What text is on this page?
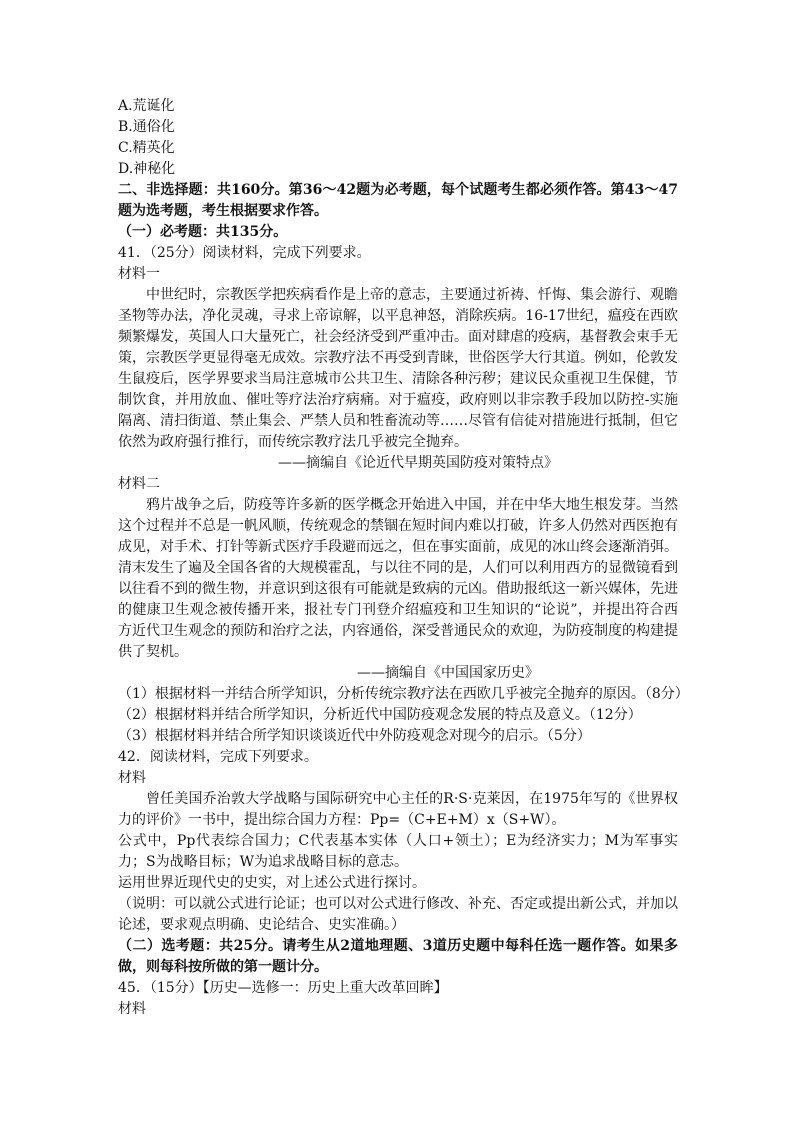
A.荒诞化
B.通俗化
C.精英化
D.神秘化
二、非选择题：共160分。第36～42题为必考题，每个试题考生都必须作答。第43～47题为选考题，考生根据要求作答。
（一）必考题：共135分。
41．（25分）阅读材料，完成下列要求。
材料一
中世纪时，宗教医学把疾病看作是上帝的意志，主要通过祈祷、忏悔、集会游行、观瞻圣物等办法，净化灵魂，寻求上帝谅解，以平息神怒，消除疾病。16-17世纪，瘟疫在西欧频繁爆发，英国人口大量死亡，社会经济受到严重冲击。面对肆虐的疫病，基督教会束手无策，宗教医学更显得毫无成效。宗教疗法不再受到青睐，世俗医学大行其道。例如，伦敦发生鼠疫后，医学界要求当局注意城市公共卫生、清除各种污秽；建议民众重视卫生保健，节制饮食，并用放血、催吐等疗法治疗病痛。对于瘟疫，政府则以非宗教手段加以防控-实施隔离、清扫街道、禁止集会、严禁人员和牲畜流动等……尽管有信徒对措施进行抵制，但它依然为政府强行推行，而传统宗教疗法几乎被完全抛弃。
——摘编自《论近代早期英国防疫对策特点》
材料二
鸦片战争之后，防疫等许多新的医学概念开始进入中国，并在中华大地生根发芽。当然这个过程并不总是一帆风顺，传统观念的禁锢在短时间内难以打破，许多人仍然对西医抱有成见，对手术、打针等新式医疗手段避而远之，但在事实面前，成见的冰山终会逐渐消弭。清末发生了遍及全国各省的大规模霍乱，与以往不同的是，人们可以利用西方的显微镜看到以往看不到的微生物，并意识到这很有可能就是致病的元凶。借助报纸这一新兴媒体，先进的健康卫生观念被传播开来，报社专门刊登介绍瘟疫和卫生知识的“论说”，并提出符合西方近代卫生观念的预防和治疗之法，内容通俗，深受普通民众的欢迎，为防疫制度的构建提供了契机。
——摘编自《中国国家历史》
（1）根据材料一并结合所学知识，分析传统宗教疗法在西欧几乎被完全抛弃的原因。（8分）
（2）根据材料并结合所学知识，分析近代中国防疫观念发展的特点及意义。（12分）
（3）根据材料并结合所学知识谈谈近代中外防疫观念对现今的启示。（5分）
42．阅读材料，完成下列要求。
材料
曾任美国乔治敦大学战略与国际研究中心主任的R·S·克莱因，在1975年写的《世界权力的评价》一书中，提出综合国力方程：Pp=（C+E+M）x（S+W）。
公式中，Pp代表综合国力；C代表基本实体（人口+领土）；E为经济实力；M为军事实力；S为战略目标；W为追求战略目标的意志。
运用世界近现代史的史实，对上述公式进行探讨。
（说明：可以就公式进行论证；也可以对公式进行修改、补充、否定或提出新公式，并加以论述，要求观点明确、史论结合、史实准确。）
（二）选考题：共25分。请考生从2道地理题、3道历史题中每科任选一题作答。如果多做，则每科按所做的第一题计分。
45．（15分）【历史—选修一：历史上重大改革回眸】
材料
